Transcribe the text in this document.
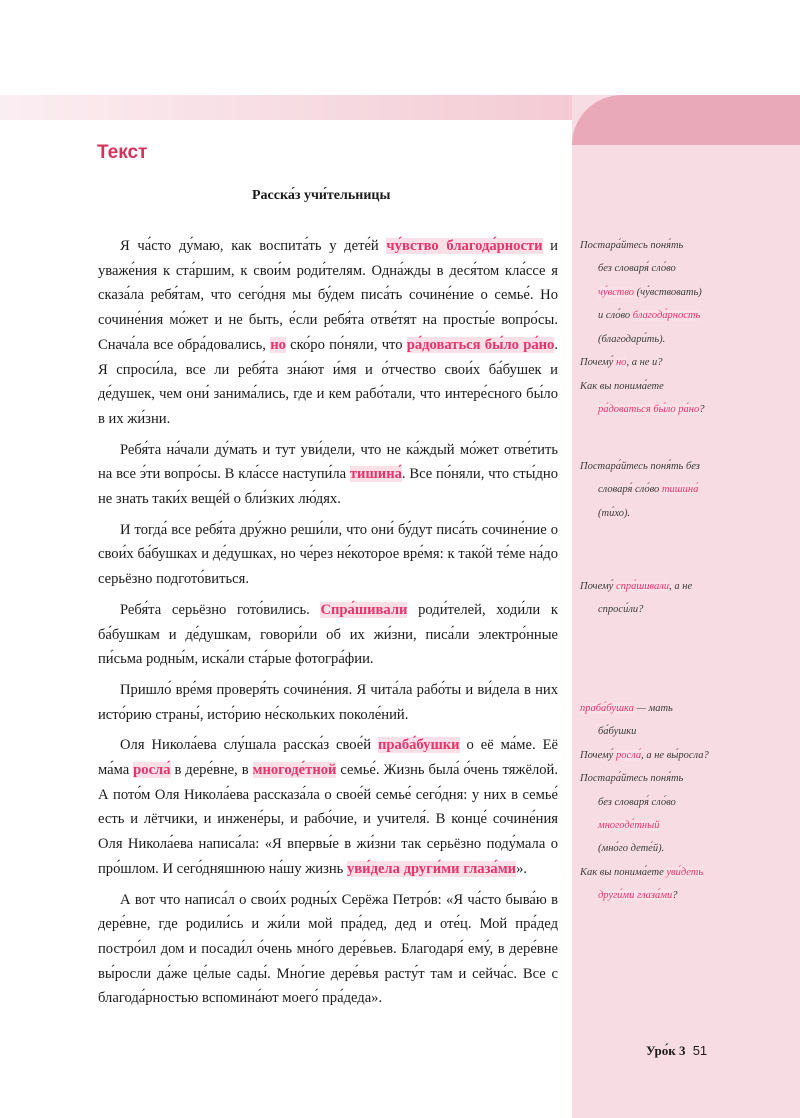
Текст
Расска́з учи́тельницы

Я ча́сто ду́маю, как воспита́ть у дете́й чу́вство благода́рности и уваже́ния к ста́ршим, к свои́м роди́телям. Одна́жды в деся́том кла́ссе я сказа́ла ребя́там, что сего́дня мы бу́дем писа́ть сочине́ние о семье́. Но сочине́ния мо́жет и не быть, е́сли ребя́та отве́тят на просты́е вопро́сы. Снача́ла все обра́довались, но ско́ро по́няли, что ра́доваться бы́ло ра́но. Я спроси́ла, все ли ребя́та зна́ют и́мя и о́тчество свои́х ба́бушек и де́душек, чем они́ занима́лись, где и кем рабо́тали, что интере́сного бы́ло в их жи́зни.

Ребя́та на́чали ду́мать и тут уви́дели, что не ка́ждый мо́жет отве́тить на все э́ти вопро́сы. В кла́ссе наступи́ла тишина́. Все по́няли, что сты́дно не знать таки́х веще́й о бли́зких лю́дях.

И тогда́ все ребя́та дру́жно реши́ли, что они́ бу́дут писа́ть сочине́ние о свои́х ба́бушках и де́душках, но че́рез не́которое вре́мя: к тако́й те́ме на́до серьёзно подгото́виться.

Ребя́та серьёзно гото́вились. Спра́шивали роди́телей, ходи́ли к ба́бушкам и де́душкам, говори́ли об их жи́зни, писа́ли электро́нные пи́сьма родны́м, иска́ли ста́рые фотогра́фии.

Пришло́ вре́мя проверя́ть сочине́ния. Я чита́ла рабо́ты и ви́дела в них исто́рию страны́, исто́рию не́скольких поколе́ний.

Оля Никола́ева слу́шала расска́з свое́й праба́бушки о её ма́ме. Её ма́ма росла́ в дере́вне, в многоде́тной семье́. Жизнь была́ о́чень тяжёлой. А пото́м Оля Никола́ева рассказа́ла о свое́й семье́ сего́дня: у них в семье́ есть и лётчики, и инжене́ры, и рабо́чие, и учителя́. В конце́ сочине́ния Оля Никола́ева написа́ла: «Я впервы́е в жи́зни так серьёзно поду́мала о про́шлом. И сего́дняшнюю на́шу жизнь уви́дела други́ми глаза́ми».

А вот что написа́л о свои́х родны́х Серёжа Петро́в: «Я ча́сто быва́ю в дере́вне, где родили́сь и жи́ли мой пра́дед, дед и оте́ц. Мой пра́дед постро́ил дом и посади́л о́чень мно́го дере́вьев. Благодаря́ ему́, в дере́вне вы́росли да́же це́лые сады́. Мно́гие дере́вья расту́т там и сейча́с. Все с благода́рностью вспомина́ют моего́ пра́деда».

Постара́йтесь поня́ть
без словаря́ сло́во
чу́вство (чу́вствовать)
и сло́во благода́рность
(благодари́ть).
Почему́ но, а не и?
Как вы понима́ете
ра́доваться бы́ло ра́но?
Постара́йтесь поня́ть без
словаря́ сло́во тишина́
(ти́хо).
Почему́ спра́шивали, а не
спроси́ли?
праба́бушка — мать
ба́бушки
Почему́ росла́, а не вы́росла?
Постара́йтесь поня́ть
без словаря́ сло́во
многоде́тный
(мно́го дете́й).
Как вы понима́ете уви́деть
други́ми глаза́ми?
Уро́к 3 51
